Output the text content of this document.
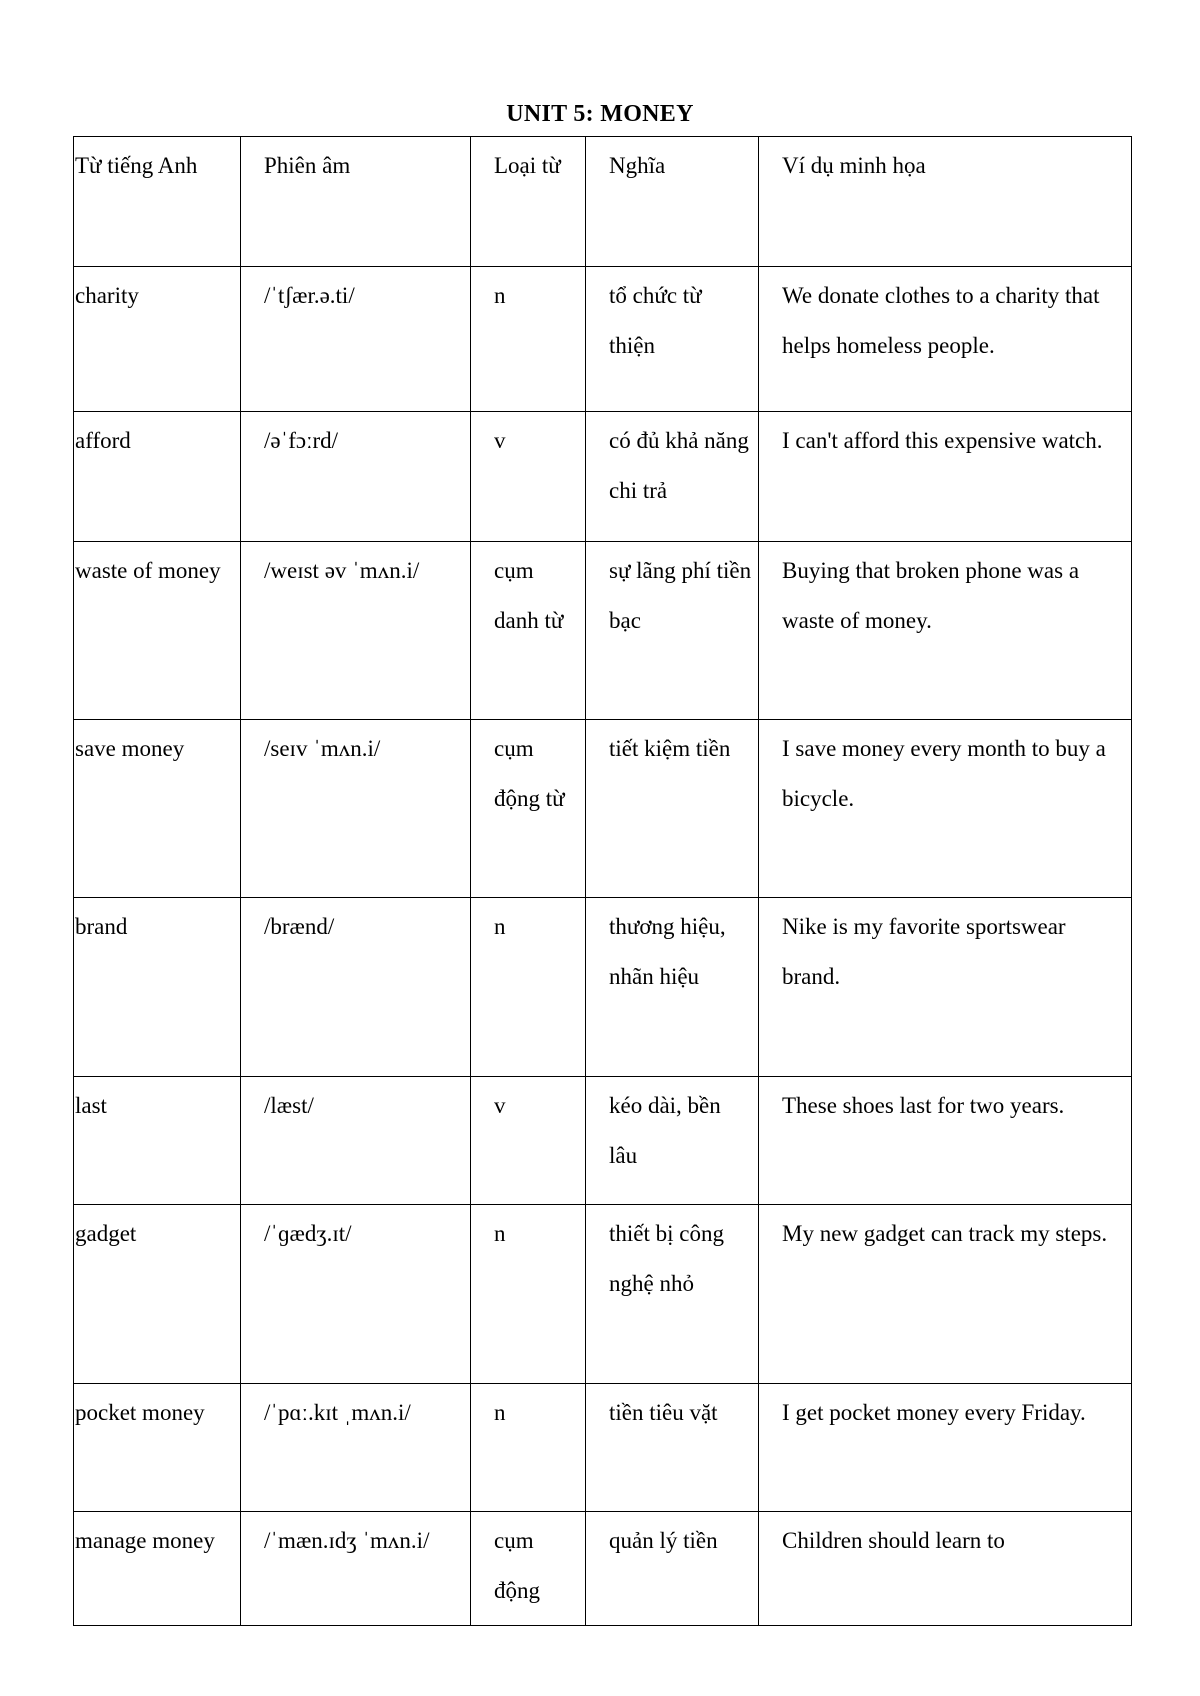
UNIT 5: MONEY
Từ tiếng Anh	Phiên âm	Loại từ	Nghĩa	Ví dụ minh họa

charity	/ˈtʃær.ə.ti/	n	tổ chức từ thiện	We donate clothes to a charity that helps homeless people.

afford	/əˈfɔːrd/	v	có đủ khả năng chi trả	I can't afford this expensive watch.

waste of money	/weɪst əv ˈmʌn.i/	cụm danh từ	sự lãng phí tiền bạc	Buying that broken phone was a waste of money.

save money	/seɪv ˈmʌn.i/	cụm động từ	tiết kiệm tiền	I save money every month to buy a bicycle.

brand	/brænd/	n	thương hiệu, nhãn hiệu	Nike is my favorite sportswear brand.

last	/læst/	v	kéo dài, bền lâu	These shoes last for two years.

gadget	/ˈɡædʒ.ɪt/	n	thiết bị công nghệ nhỏ	My new gadget can track my steps.

pocket money	/ˈpɑː.kɪt ˌmʌn.i/	n	tiền tiêu vặt	I get pocket money every Friday.

manage money	/ˈmæn.ɪdʒ ˈmʌn.i/	cụm động	quản lý tiền	Children should learn to
